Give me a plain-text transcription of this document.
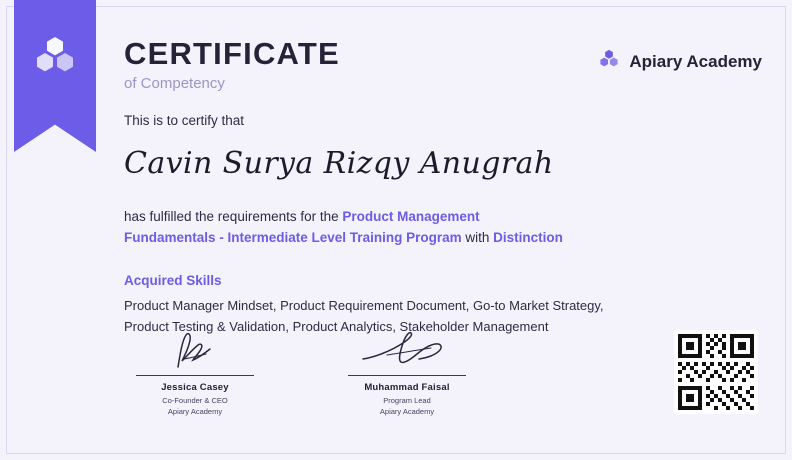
CERTIFICATE
of Competency
Apiary Academy
This is to certify that
Cavin Surya Rizqy Anugrah
has fulfilled the requirements for the Product Management Fundamentals - Intermediate Level Training Program with Distinction
Acquired Skills
Product Manager Mindset, Product Requirement Document, Go-to Market Strategy, Product Testing & Validation, Product Analytics, Stakeholder Management
Jessica Casey
Co-Founder & CEO
Apiary Academy
Muhammad Faisal
Program Lead
Apiary Academy
